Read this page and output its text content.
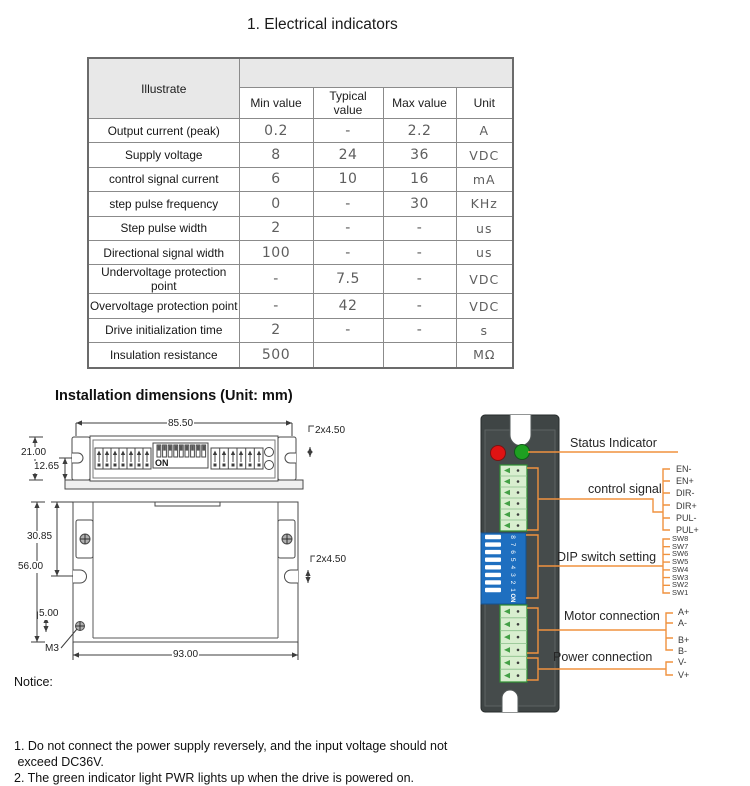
1. Electrical indicators
Illustrate				
	Min value	Typical value	Max value	Unit
Output current (peak)	0.2	-	2.2	A
Supply voltage	8	24	36	VDC
control signal current	6	10	16	mA
step pulse frequency	0	-	30	KHz
Step pulse width	2	-	-	us
Directional signal width	100	-	-	us
Undervoltage protection point	-	7.5	-	VDC
Overvoltage protection point	-	42	-	VDC
Drive initialization time	2	-	-	s
Insulation resistance	500			MΩ
Installation dimensions (Unit: mm)
ON
85.50
21.00
12.65
2x4.50
30.85
56.00
5.00
M3
93.00
2x4.50
8
7
6
5
4
3
2
1
ON
Status Indicator
control signal
DIP switch setting
Motor connection
Power connection
EN-
EN+
DIR-
DIR+
PUL-
PUL+
SW8
SW7
SW6
SW5
SW4
SW3
SW2
SW1
A+
A-
B+
B-
V-
V+
Notice:

1. Do not connect the power supply reversely, and the input voltage should not
exceed DC36V.
2. The green indicator light PWR lights up when the drive is powered on.
